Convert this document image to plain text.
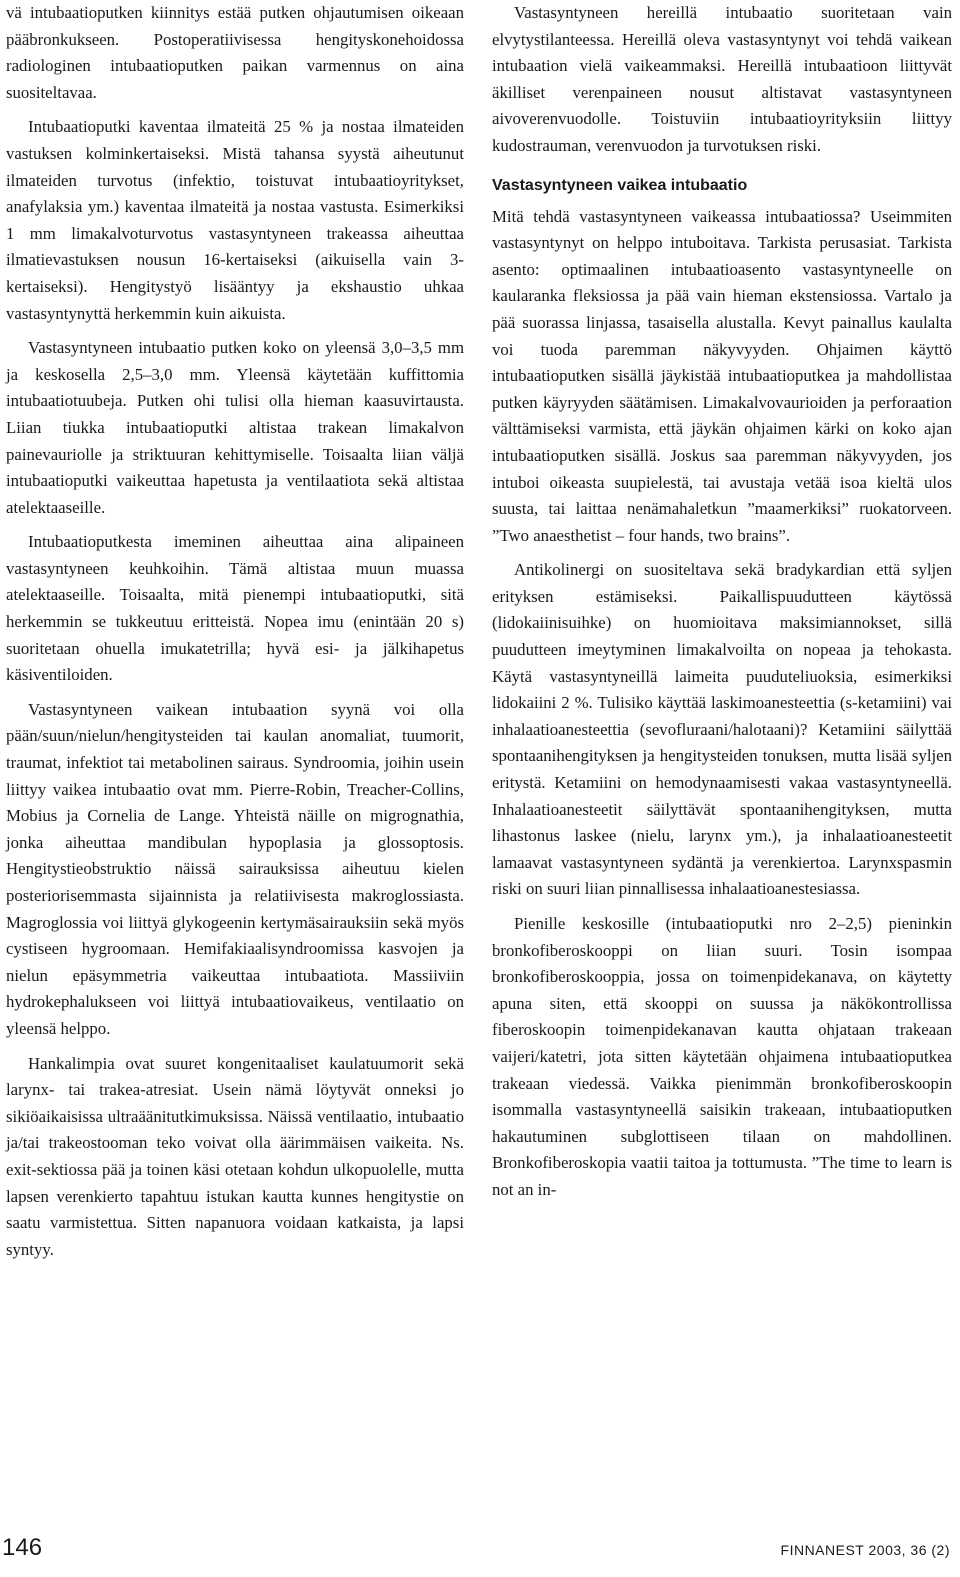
vä intubaatioputken kiinnitys estää putken ohjautumisen oikeaan pääbronkukseen. Postoperatiivisessa hengityskonehoidossa radiologinen intubaatioputken paikan varmennus on aina suositeltavaa.

Intubaatioputki kaventaa ilmateitä 25 % ja nostaa ilmateiden vastuksen kolminkertaiseksi. Mistä tahansa syystä aiheutunut ilmateiden turvotus (infektio, toistuvat intubaatioyritykset, anafylaksia ym.) kaventaa ilmateitä ja nostaa vastusta. Esimerkiksi 1 mm limakalvoturvotus vastasyntyneen trakeassa aiheuttaa ilmatievastuksen nousun 16-kertaiseksi (aikuisella vain 3-kertaiseksi). Hengitystyö lisääntyy ja ekshaustio uhkaa vastasyntynyttä herkemmin kuin aikuista.

Vastasyntyneen intubaatio putken koko on yleensä 3,0–3,5 mm ja keskosella 2,5–3,0 mm. Yleensä käytetään kuffittomia intubaatiotuubeja. Putken ohi tulisi olla hieman kaasuvirtausta. Liian tiukka intubaatioputki altistaa trakean limakalvon painevauriolle ja striktuuran kehittymiselle. Toisaalta liian väljä intubaatioputki vaikeuttaa hapetusta ja ventilaatiota sekä altistaa atelektaaseille.

Intubaatioputkesta imeminen aiheuttaa aina alipaineen vastasyntyneen keuhkoihin. Tämä altistaa muun muassa atelektaaseille. Toisaalta, mitä pienempi intubaatioputki, sitä herkemmin se tukkeutuu eritteistä. Nopea imu (enintään 20 s) suoritetaan ohuella imukatetrilla; hyvä esi- ja jälkihapetus käsiventiloiden.

Vastasyntyneen vaikean intubaation syynä voi olla pään/suun/nielun/hengitysteiden tai kaulan anomaliat, tuumorit, traumat, infektiot tai metabolinen sairaus. Syndroomia, joihin usein liittyy vaikea intubaatio ovat mm. Pierre-Robin, Treacher-Collins, Mobius ja Cornelia de Lange. Yhteistä näille on migrognathia, jonka aiheuttaa mandibulan hypoplasia ja glossoptosis. Hengitystieobstruktio näissä sairauksissa aiheutuu kielen posteriorisemmasta sijainnista ja relatiivisesta makroglossiasta. Magroglossia voi liittyä glykogeenin kertymäsairauksiin sekä myös cystiseen hygroomaan. Hemifakiaalisyndroomissa kasvojen ja nielun epäsymmetria vaikeuttaa intubaatiota. Massiiviin hydrokephalukseen voi liittyä intubaatiovaikeus, ventilaatio on yleensä helppo.

Hankalimpia ovat suuret kongenitaaliset kaulatuumorit sekä larynx- tai trakea-atresiat. Usein nämä löytyvät onneksi jo sikiöaikaisissa ultraäänitutkimuksissa. Näissä ventilaatio, intubaatio ja/tai trakeostooman teko voivat olla äärimmäisen vaikeita. Ns. exit-sektiossa pää ja toinen käsi otetaan kohdun ulkopuolelle, mutta lapsen verenkierto tapahtuu istukan kautta kunnes hengitystie on saatu varmistettua. Sitten napanuora voidaan katkaista, ja lapsi syntyy.

Vastasyntyneen hereillä intubaatio suoritetaan vain elvytystilanteessa. Hereillä oleva vastasyntynyt voi tehdä vaikean intubaation vielä vaikeammaksi. Hereillä intubaatioon liittyvät äkilliset verenpaineen nousut altistavat vastasyntyneen aivoverenvuodolle. Toistuviin intubaatioyrityksiin liittyy kudostrauman, verenvuodon ja turvotuksen riski.

Vastasyntyneen vaikea intubaatio

Mitä tehdä vastasyntyneen vaikeassa intubaatiossa? Useimmiten vastasyntynyt on helppo intuboitava. Tarkista perusasiat. Tarkista asento: optimaalinen intubaatioasento vastasyntyneelle on kaularanka fleksiossa ja pää vain hieman ekstensiossa. Vartalo ja pää suorassa linjassa, tasaisella alustalla. Kevyt painallus kaulalta voi tuoda paremman näkyvyyden. Ohjaimen käyttö intubaatioputken sisällä jäykistää intubaatioputkea ja mahdollistaa putken käyryyden säätämisen. Limakalvovaurioiden ja perforaation välttämiseksi varmista, että jäykän ohjaimen kärki on koko ajan intubaatioputken sisällä. Joskus saa paremman näkyvyyden, jos intuboi oikeasta suupielestä, tai avustaja vetää isoa kieltä ulos suusta, tai laittaa nenämahaletkun ”maamerkiksi” ruokatorveen. ”Two anaesthetist – four hands, two brains”.

Antikolinergi on suositeltava sekä bradykardian että syljen erityksen estämiseksi. Paikallispuudutteen käytössä (lidokaiinisuihke) on huomioitava maksimiannokset, sillä puudutteen imeytyminen limakalvoilta on nopeaa ja tehokasta. Käytä vastasyntyneillä laimeita puuduteliuoksia, esimerkiksi lidokaiini 2 %. Tulisiko käyttää laskimoanesteettia (s-ketamiini) vai inhalaatioanesteettia (sevofluraani/halotaani)? Ketamiini säilyttää spontaanihengityksen ja hengitysteiden tonuksen, mutta lisää syljen eritystä. Ketamiini on hemodynaamisesti vakaa vastasyntyneellä. Inhalaatioanesteetit säilyttävät spontaanihengityksen, mutta lihastonus laskee (nielu, larynx ym.), ja inhalaatioanesteetit lamaavat vastasyntyneen sydäntä ja verenkiertoa. Larynxspasmin riski on suuri liian pinnallisessa inhalaatioanestesiassa.

Pienille keskosille (intubaatioputki nro 2–2,5) pieninkin bronkofiberoskooppi on liian suuri. Tosin isompaa bronkofiberoskooppia, jossa on toimenpidekanava, on käytetty apuna siten, että skooppi on suussa ja näkökontrollissa fiberoskoopin toimenpidekanavan kautta ohjataan trakeaan vaijeri/katetri, jota sitten käytetään ohjaimena intubaatioputkea trakeaan viedessä. Vaikka pienimmän bronkofiberoskoopin isommalla vastasyntyneellä saisikin trakeaan, intubaatioputken hakautuminen subglottiseen tilaan on mahdollinen. Bronkofiberoskopia vaatii taitoa ja tottumusta. ”The time to learn is not an in-

146	FINNANEST 2003, 36 (2)
